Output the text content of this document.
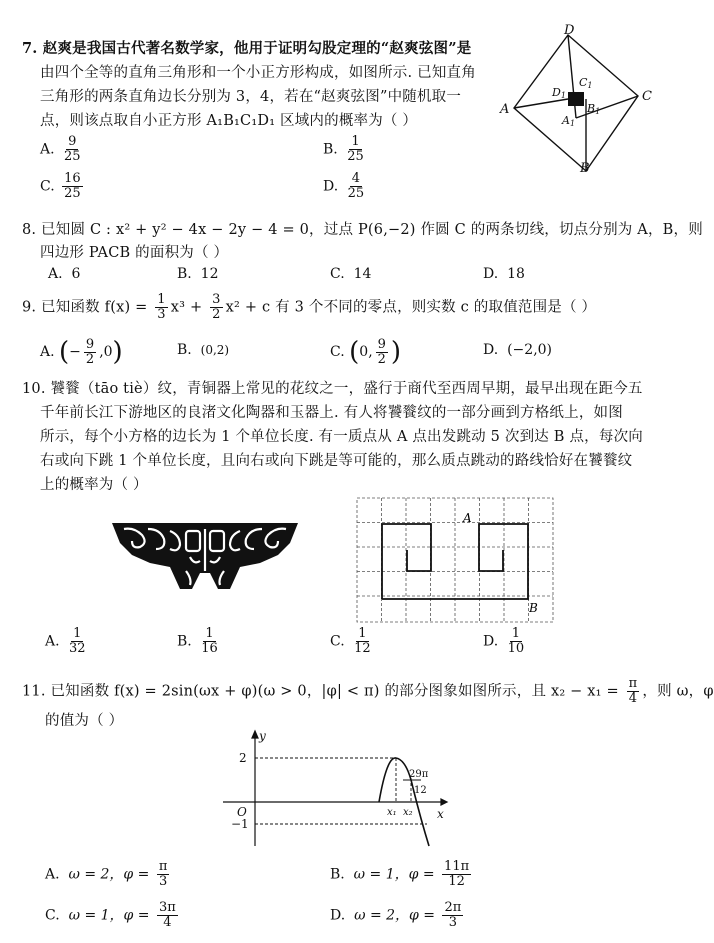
7. 赵爽是我国古代著名数学家，他用于证明勾股定理的“赵爽弦图”是
由四个全等的直角三角形和一个小正方形构成，如图所示. 已知直角
三角形的两条直角边长分别为 3，4，若在“赵爽弦图”中随机取一
点，则该点取自小正方形 A₁B₁C₁D₁ 区域内的概率为（ ）
A. $\frac{9}{25}$	B. $\frac{1}{25}$
C. $\frac{16}{25}$	D. $\frac{4}{25}$
D
A
C
B
C1
D1
B1
A1
8. 已知圆 C : x² + y² − 4x − 2y − 4 = 0，过点 P(6,−2) 作圆 C 的两条切线，切点分别为 A，B，则
四边形 PACB 的面积为（ ）
A. 6	B. 12	C. 14	D. 18
9. 已知函数 $f(x) = \frac{1}{3} x^3 + \frac{3}{2} x^2 + c$ 有 3 个不同的零点，则实数 c 的取值范围是（ ）
A. (− $\frac{9}{2} ,0$)	B. (0,2)	C. (0, $\frac{9}{2}$ )	D. (−2,0)
10. 饕餮（tāo tiè）纹，青铜器上常见的花纹之一，盛行于商代至西周早期，最早出现在距今五
千年前长江下游地区的良渚文化陶器和玉器上. 有人将饕餮纹的一部分画到方格纸上，如图
所示，每个小方格的边长为 1 个单位长度. 有一质点从 A 点出发跳动 5 次到达 B 点，每次向
右或向下跳 1 个单位长度，且向右或向下跳是等可能的，那么质点跳动的路线恰好在饕餮纹
上的概率为（ ）
A
B
A. $\frac{1}{32}$	B. $\frac{1}{16}$	C. $\frac{1}{12}$	D. $\frac{1}{10}$
11. 已知函数 f(x) = 2sin(ωx + φ)(ω > 0，|φ| < π) 的部分图象如图所示，且 $x_2 - x_1 = \frac{\pi}{4}$ ，则 ω，φ
的值为（ ）
y
x
O
2
−1
x₁ x₂
29π
12
A. ω = 2，$\varphi = \frac{\pi}{3}$	B. ω = 1，$\varphi = \frac{11\pi}{12}$
C. ω = 1，$\varphi = \frac{3\pi}{4}$	D. ω = 2，$\varphi = \frac{2\pi}{3}$
